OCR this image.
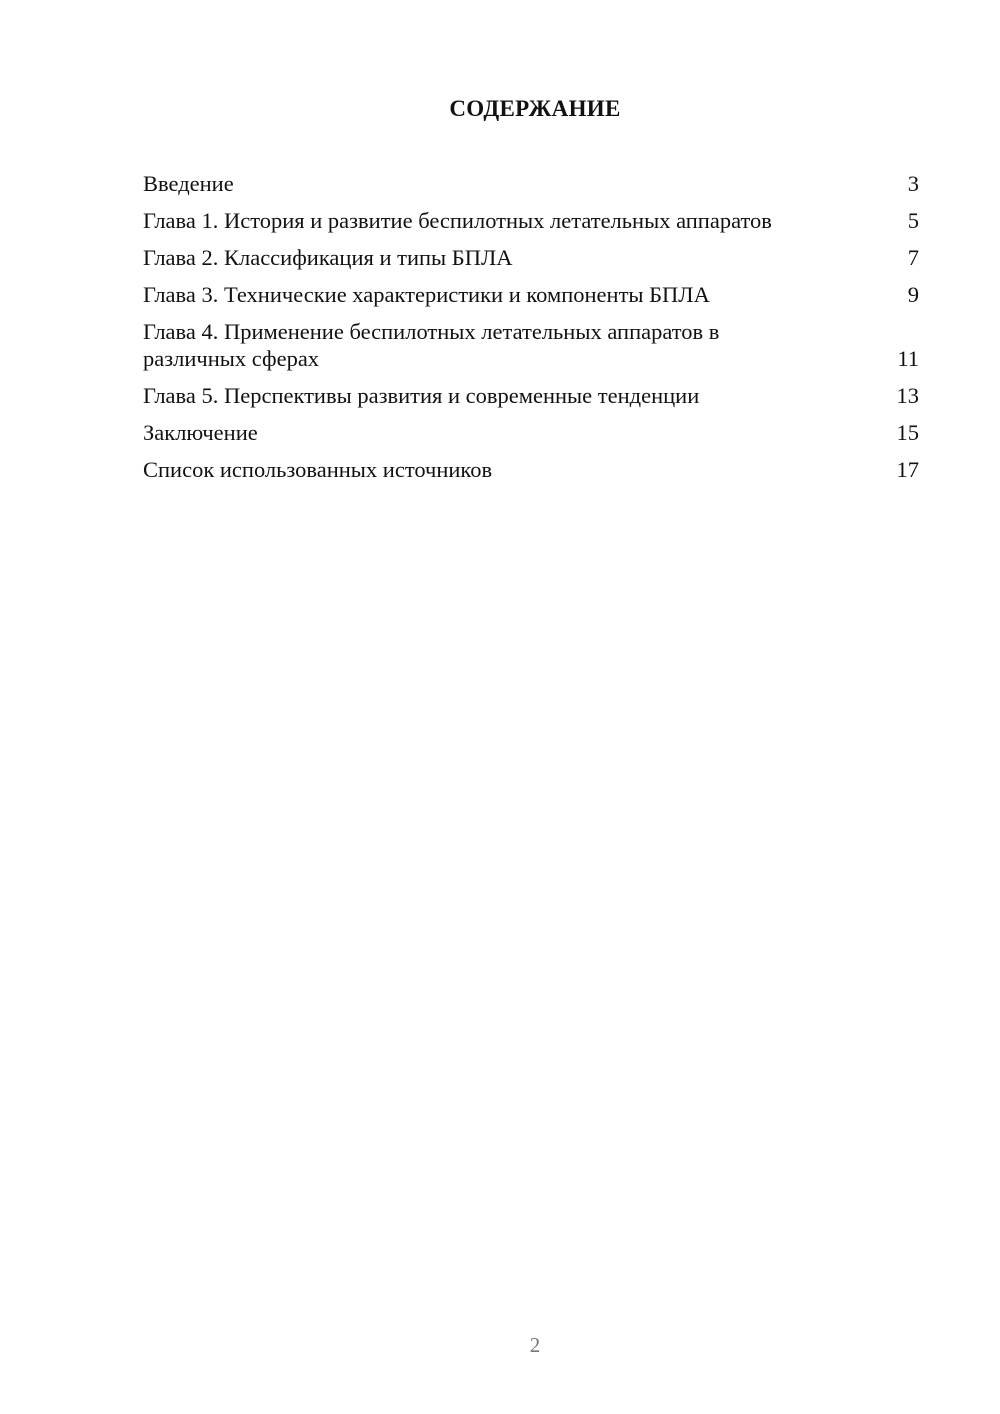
СОДЕРЖАНИЕ
Введение	3
Глава 1. История и развитие беспилотных летательных аппаратов	5
Глава 2. Классификация и типы БПЛА	7
Глава 3. Технические характеристики и компоненты БПЛА	9
Глава 4. Применение беспилотных летательных аппаратов в различных сферах	11
Глава 5. Перспективы развития и современные тенденции	13
Заключение	15
Список использованных источников	17
2
